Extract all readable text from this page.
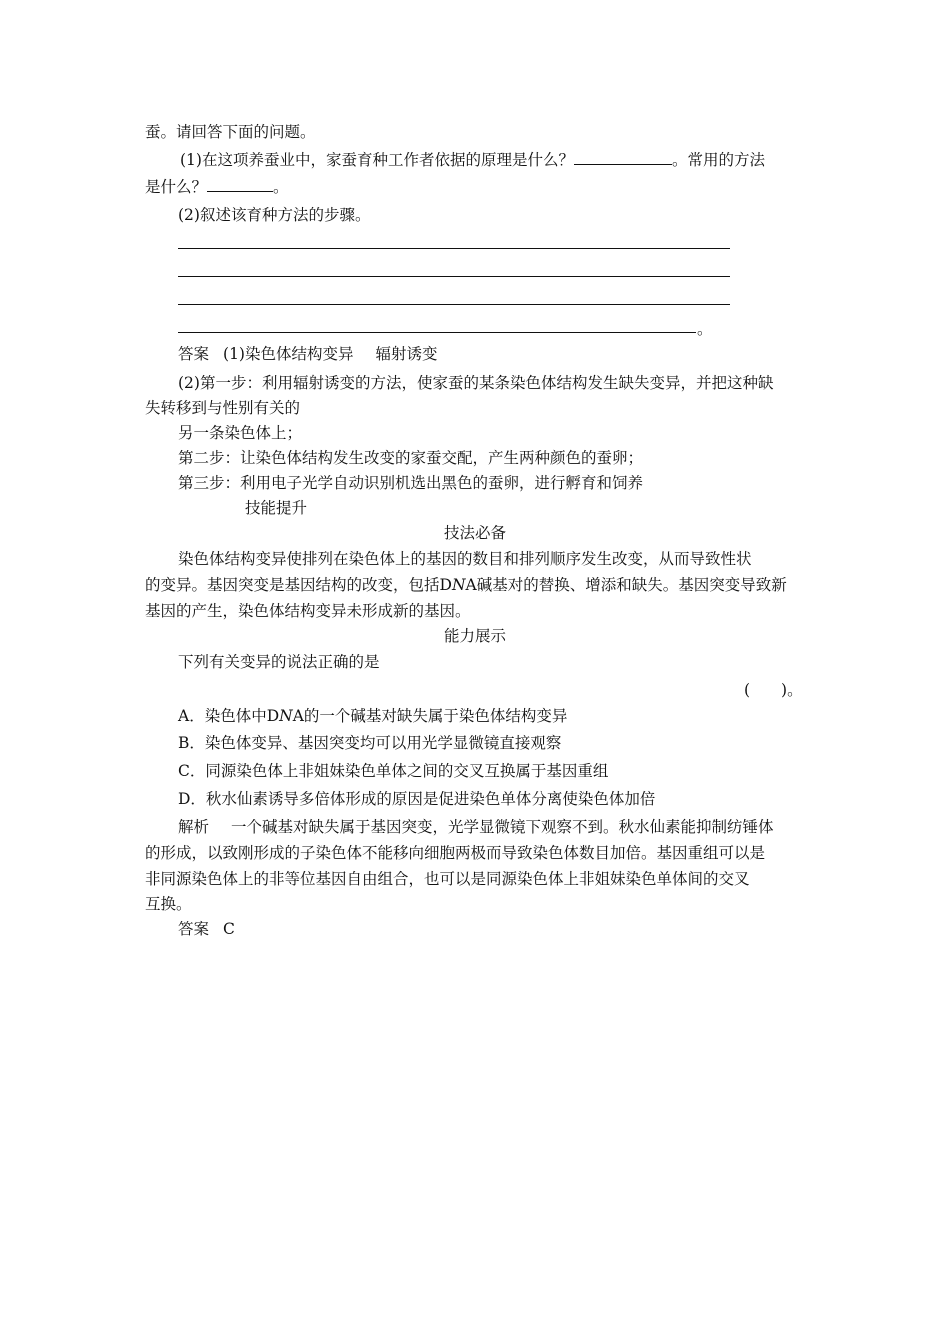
蚕。请回答下面的问题。
(1)在这项养蚕业中，家蚕育种工作者依据的原理是什么？	。常用的方法
是什么？	。
(2)叙述该育种方法的步骤。
。
答案 (1)染色体结构变异 辐射诱变
(2)第一步：利用辐射诱变的方法，使家蚕的某条染色体结构发生缺失变异，并把这种缺
失转移到与性别有关的
另一条染色体上；
第二步：让染色体结构发生改变的家蚕交配，产生两种颜色的蚕卵；
第三步：利用电子光学自动识别机选出黑色的蚕卵，进行孵育和饲养
技能提升
技法必备
染色体结构变异使排列在染色体上的基因的数目和排列顺序发生改变，从而导致性状
的变异。基因突变是基因结构的改变，包括DNA碱基对的替换、增添和缺失。基因突变导致新
基因的产生，染色体结构变异未形成新的基因。
能力展示
下列有关变异的说法正确的是
(　　)。
A．染色体中DNA的一个碱基对缺失属于染色体结构变异
B．染色体变异、基因突变均可以用光学显微镜直接观察
C．同源染色体上非姐妹染色单体之间的交叉互换属于基因重组
D．秋水仙素诱导多倍体形成的原因是促进染色单体分离使染色体加倍
解析 一个碱基对缺失属于基因突变，光学显微镜下观察不到。秋水仙素能抑制纺锤体
的形成，以致刚形成的子染色体不能移向细胞两极而导致染色体数目加倍。基因重组可以是
非同源染色体上的非等位基因自由组合，也可以是同源染色体上非姐妹染色单体间的交叉
互换。
答案 C
